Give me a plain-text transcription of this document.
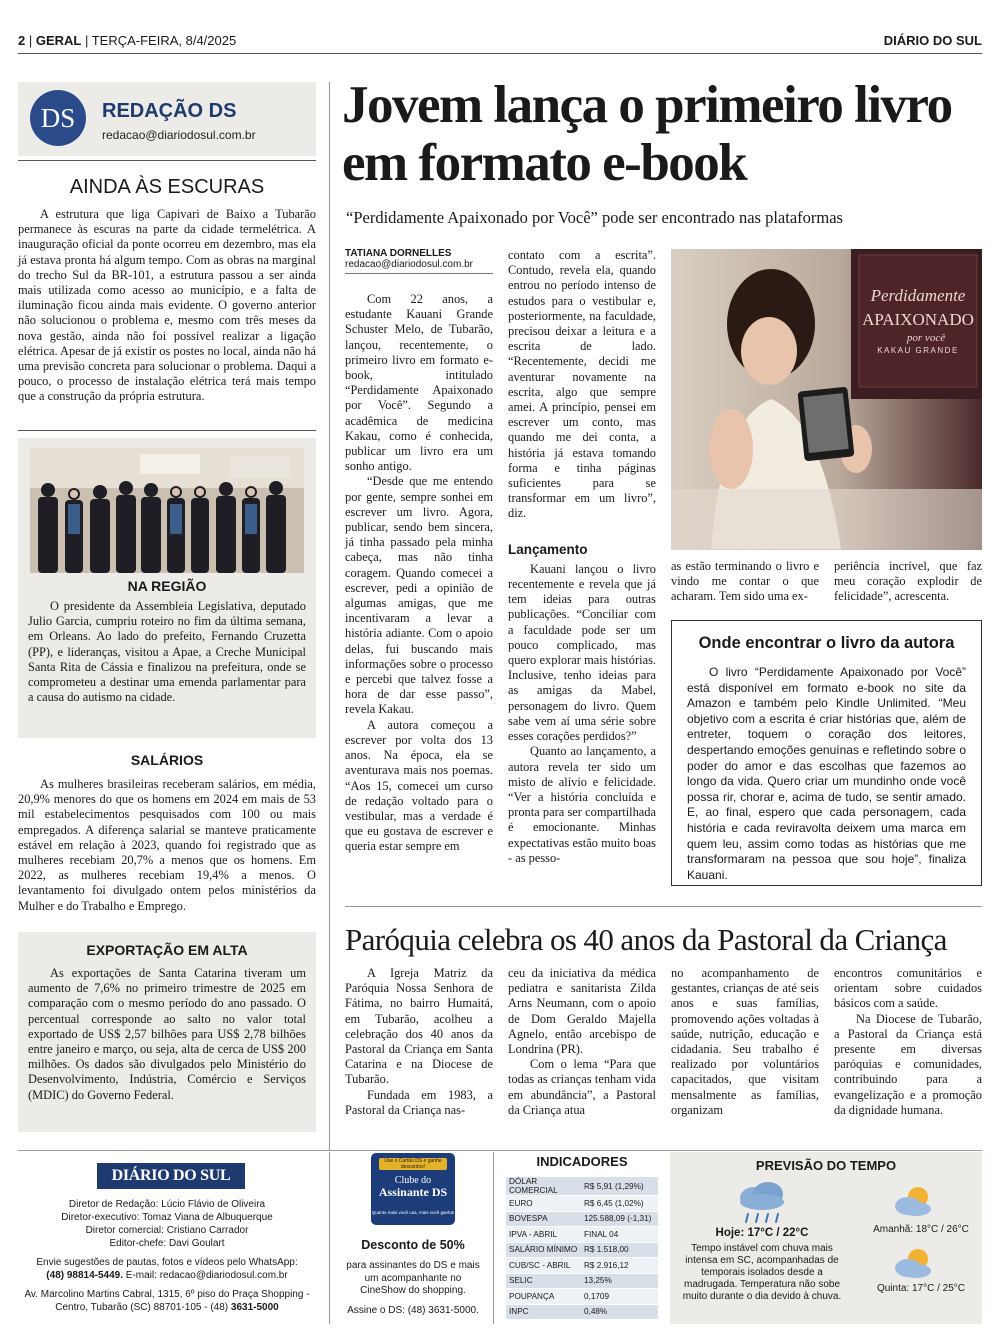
2 | GERAL | TERÇA-FEIRA, 8/4/2025	DIÁRIO DO SUL
DS	REDAÇÃO DS
redacao@diariodosul.com.br
AINDA ÀS ESCURAS

A estrutura que liga Capivari de Baixo a Tubarão permanece às escuras na parte da cidade termelétrica. A inauguração oficial da ponte ocorreu em dezembro, mas ela já estava pronta há algum tempo. Com as obras na marginal do trecho Sul da BR-101, a estrutura passou a ser ainda mais utilizada como acesso ao município, e a falta de iluminação ficou ainda mais evidente. O governo anterior não solucionou o problema e, mesmo com três meses da nova gestão, ainda não foi possível realizar a ligação elétrica. Apesar de já existir os postes no local, ainda não há uma previsão concreta para solucionar o problema. Daqui a pouco, o processo de instalação elétrica terá mais tempo que a construção da própria estrutura.

NA REGIÃO

O presidente da Assembleia Legislativa, deputado Julio Garcia, cumpriu roteiro no fim da última semana, em Orleans. Ao lado do prefeito, Fernando Cruzetta (PP), e lideranças, visitou a Apae, a Creche Municipal Santa Rita de Cássia e finalizou na prefeitura, onde se comprometeu a destinar uma emenda parlamentar para a causa do autismo na cidade.

SALÁRIOS

As mulheres brasileiras receberam salários, em média, 20,9% menores do que os homens em 2024 em mais de 53 mil estabelecimentos pesquisados com 100 ou mais empregados. A diferença salarial se manteve praticamente estável em relação à 2023, quando foi registrado que as mulheres recebiam 20,7% a menos que os homens. Em 2022, as mulheres recebiam 19,4% a menos. O levantamento foi divulgado ontem pelos ministérios da Mulher e do Trabalho e Emprego.

EXPORTAÇÃO EM ALTA

As exportações de Santa Catarina tiveram um aumento de 7,6% no primeiro trimestre de 2025 em comparação com o mesmo período do ano passado. O percentual corresponde ao salto no valor total exportado de US$ 2,57 bilhões para US$ 2,78 bilhões entre janeiro e março, ou seja, alta de cerca de US$ 200 milhões. Os dados são divulgados pelo Ministério do Desenvolvimento, Indústria, Comércio e Serviços (MDIC) do Governo Federal.

Jovem lança o primeiro livro em formato e-book
“Perdidamente Apaixonado por Você” pode ser encontrado nas plataformas
TATIANA DORNELLES
redacao@diariodosul.com.br

Com 22 anos, a estudante Kauani Grande Schuster Melo, de Tubarão, lançou, recentemente, o primeiro livro em formato e-book, intitulado “Perdidamente Apaixonado por Você”. Segundo a acadêmica de medicina Kakau, como é conhecida, publicar um livro era um sonho antigo.

“Desde que me entendo por gente, sempre sonhei em escrever um livro. Agora, publicar, sendo bem sincera, já tinha passado pela minha cabeça, mas não tinha coragem. Quando comecei a escrever, pedi a opinião de algumas amigas, que me incentivaram a levar a história adiante. Com o apoio delas, fui buscando mais informações sobre o processo e percebi que talvez fosse a hora de dar esse passo”, revela Kakau.

A autora começou a escrever por volta dos 13 anos. Na época, ela se aventurava mais nos poemas. “Aos 15, comecei um curso de redação voltado para o vestibular, mas a verdade é que eu gostava de escrever e queria estar sempre em

contato com a escrita”. Contudo, revela ela, quando entrou no período intenso de estudos para o vestibular e, posteriormente, na faculdade, precisou deixar a leitura e a escrita de lado. “Recentemente, decidi me aventurar novamente na escrita, algo que sempre amei. A princípio, pensei em escrever um conto, mas quando me dei conta, a história já estava tomando forma e tinha páginas suficientes para se transformar em um livro”, diz.

Lançamento

Kauani lançou o livro recentemente e revela que já tem ideias para outras publicações. “Conciliar com a faculdade pode ser um pouco complicado, mas quero explorar mais histórias. Inclusive, tenho ideias para as amigas da Mabel, personagem do livro. Quem sabe vem aí uma série sobre esses corações perdidos?”

Quanto ao lançamento, a autora revela ter sido um misto de alívio e felicidade. “Ver a história concluída e pronta para ser compartilhada é emocionante. Minhas expectativas estão muito boas - as pesso-

Perdidamente
APAIXONADO
por você
KAKAU GRANDE

as estão terminando o livro e vindo me contar o que acharam. Tem sido uma ex-

periência incrível, que faz meu coração explodir de felicidade”, acrescenta.

Onde encontrar o livro da autora

O livro “Perdidamente Apaixonado por Você” está disponível em formato e-book no site da Amazon e também pelo Kindle Unlimited. “Meu objetivo com a escrita é criar histórias que, além de entreter, toquem o coração dos leitores, despertando emoções genuínas e refletindo sobre o poder do amor e das escolhas que fazemos ao longo da vida. Quero criar um mundinho onde você possa rir, chorar e, acima de tudo, se sentir amado. E, ao final, espero que cada personagem, cada história e cada reviravolta deixem uma marca em quem leu, assim como todas as histórias que me transformaram na pessoa que sou hoje”, finaliza Kauani.

Paróquia celebra os 40 anos da Pastoral da Criança

A Igreja Matriz da Paróquia Nossa Senhora de Fátima, no bairro Humaitá, em Tubarão, acolheu a celebração dos 40 anos da Pastoral da Criança em Santa Catarina e na Diocese de Tubarão.

Fundada em 1983, a Pastoral da Criança nas-

ceu da iniciativa da médica pediatra e sanitarista Zilda Arns Neumann, com o apoio de Dom Geraldo Majella Agnelo, então arcebispo de Londrina (PR).

Com o lema “Para que todas as crianças tenham vida em abundância”, a Pastoral da Criança atua

no acompanhamento de gestantes, crianças de até seis anos e suas famílias, promovendo ações voltadas à saúde, nutrição, educação e cidadania. Seu trabalho é realizado por voluntários capacitados, que visitam mensalmente as famílias, organizam

encontros comunitários e orientam sobre cuidados básicos com a saúde.

Na Diocese de Tubarão, a Pastoral da Criança está presente em diversas paróquias e comunidades, contribuindo para a evangelização e a promoção da dignidade humana.

DIÁRIO DO SUL
Diretor de Redação: Lúcio Flávio de Oliveira
Diretor-executivo: Tomaz Viana de Albuquerque
Diretor comercial: Cristiano Carrador
Editor-chefe: Davi Goulart
Envie sugestões de pautas, fotos e vídeos pelo WhatsApp:
(48) 98814-5449. E-mail: redacao@diariodosul.com.br
Av. Marcolino Martins Cabral, 1315, 6º piso do Praça Shopping -
Centro, Tubarão (SC) 88701-105 - (48) 3631-5000
Use o Cartão DS e ganhe descontos!
Clube do
Assinante DS
Quanto mais você usa, mais você ganha!
Desconto de 50%
para assinantes do DS e mais um acompanhante no CineShow do shopping.
Assine o DS: (48) 3631-5000.
INDICADORES
DÓLAR COMERCIAL	R$ 5,91 (1,29%)
EURO	R$ 6,45 (1,02%)
BOVESPA	125.588,09 (-1,31)
IPVA - ABRIL	FINAL 04
SALÁRIO MÍNIMO	R$ 1.518,00
CUB/SC - ABRIL	R$ 2.916,12
SELIC	13,25%
POUPANÇA	0,1709
INPC	0,48%
PREVISÃO DO TEMPO
Hoje: 17°C / 22°C
Tempo instável com chuva mais intensa em SC, acompanhadas de temporais isolados desde a madrugada. Temperatura não sobe muito durante o dia devido à chuva.
Amanhã: 18°C / 26°C
Quinta: 17°C / 25°C
